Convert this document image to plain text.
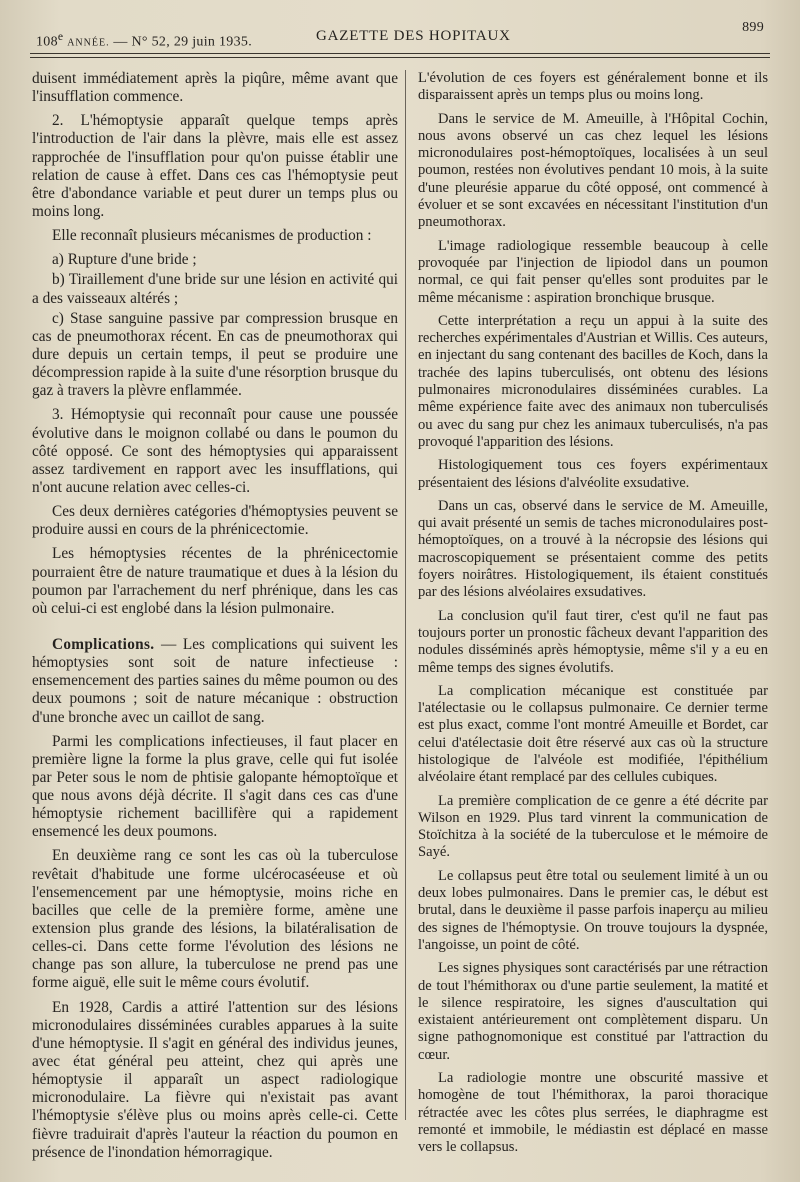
108e ANNÉE. — N° 52, 29 juin 1935.	GAZETTE DES HOPITAUX
899

duisent immédiatement après la piqûre, même avant que l'insufflation commence.

2. L'hémoptysie apparaît quelque temps après l'introduction de l'air dans la plèvre, mais elle est assez rapprochée de l'insufflation pour qu'on puisse établir une relation de cause à effet. Dans ces cas l'hémoptysie peut être d'abondance variable et peut durer un temps plus ou moins long.

Elle reconnaît plusieurs mécanismes de production :

a) Rupture d'une bride ;

b) Tiraillement d'une bride sur une lésion en activité qui a des vaisseaux altérés ;

c) Stase sanguine passive par compression brusque en cas de pneumothorax récent. En cas de pneumothorax qui dure depuis un certain temps, il peut se produire une décompression rapide à la suite d'une résorption brusque du gaz à travers la plèvre enflammée.

3. Hémoptysie qui reconnaît pour cause une poussée évolutive dans le moignon collabé ou dans le poumon du côté opposé. Ce sont des hémoptysies qui apparaissent assez tardivement en rapport avec les insufflations, qui n'ont aucune relation avec celles-ci.

Ces deux dernières catégories d'hémoptysies peuvent se produire aussi en cours de la phrénicectomie.

Les hémoptysies récentes de la phrénicectomie pourraient être de nature traumatique et dues à la lésion du poumon par l'arrachement du nerf phrénique, dans les cas où celui-ci est englobé dans la lésion pulmonaire.

Complications. — Les complications qui suivent les hémoptysies sont soit de nature infectieuse : ensemencement des parties saines du même poumon ou des deux poumons ; soit de nature mécanique : obstruction d'une bronche avec un caillot de sang.

Parmi les complications infectieuses, il faut placer en première ligne la forme la plus grave, celle qui fut isolée par Peter sous le nom de phtisie galopante hémoptoïque et que nous avons déjà décrite. Il s'agit dans ces cas d'une hémoptysie richement bacillifère qui a rapidement ensemencé les deux poumons.

En deuxième rang ce sont les cas où la tuberculose revêtait d'habitude une forme ulcérocaséeuse et où l'ensemencement par une hémoptysie, moins riche en bacilles que celle de la première forme, amène une extension plus grande des lésions, la bilatéralisation de celles-ci. Dans cette forme l'évolution des lésions ne change pas son allure, la tuberculose ne prend pas une forme aiguë, elle suit le même cours évolutif.

En 1928, Cardis a attiré l'attention sur des lésions micronodulaires disséminées curables apparues à la suite d'une hémoptysie. Il s'agit en général des individus jeunes, avec état général peu atteint, chez qui après une hémoptysie il apparaît un aspect radiologique micronodulaire. La fièvre qui n'existait pas avant l'hémoptysie s'élève plus ou moins après celle-ci. Cette fièvre traduirait d'après l'auteur la réaction du poumon en présence de l'inondation hémorragique.

L'évolution de ces foyers est généralement bonne et ils disparaissent après un temps plus ou moins long.

Dans le service de M. Ameuille, à l'Hôpital Cochin, nous avons observé un cas chez lequel les lésions micronodulaires post-hémoptoïques, localisées à un seul poumon, restées non évolutives pendant 10 mois, à la suite d'une pleurésie apparue du côté opposé, ont commencé à évoluer et se sont excavées en nécessitant l'institution d'un pneumothorax.

L'image radiologique ressemble beaucoup à celle provoquée par l'injection de lipiodol dans un poumon normal, ce qui fait penser qu'elles sont produites par le même mécanisme : aspiration bronchique brusque.

Cette interprétation a reçu un appui à la suite des recherches expérimentales d'Austrian et Willis. Ces auteurs, en injectant du sang contenant des bacilles de Koch, dans la trachée des lapins tuberculisés, ont obtenu des lésions pulmonaires micronodulaires disséminées curables. La même expérience faite avec des animaux non tuberculisés ou avec du sang pur chez les animaux tuberculisés, n'a pas provoqué l'apparition des lésions.

Histologiquement tous ces foyers expérimentaux présentaient des lésions d'alvéolite exsudative.

Dans un cas, observé dans le service de M. Ameuille, qui avait présenté un semis de taches micronodulaires post-hémoptoïques, on a trouvé à la nécropsie des lésions qui macroscopiquement se présentaient comme des petits foyers noirâtres. Histologiquement, ils étaient constitués par des lésions alvéolaires exsudatives.

La conclusion qu'il faut tirer, c'est qu'il ne faut pas toujours porter un pronostic fâcheux devant l'apparition des nodules disséminés après hémoptysie, même s'il y a eu en même temps des signes évolutifs.

La complication mécanique est constituée par l'atélectasie ou le collapsus pulmonaire. Ce dernier terme est plus exact, comme l'ont montré Ameuille et Bordet, car celui d'atélectasie doit être réservé aux cas où la structure histologique de l'alvéole est modifiée, l'épithélium alvéolaire étant remplacé par des cellules cubiques.

La première complication de ce genre a été décrite par Wilson en 1929. Plus tard vinrent la communication de Stoïchitza à la société de la tuberculose et le mémoire de Sayé.

Le collapsus peut être total ou seulement limité à un ou deux lobes pulmonaires. Dans le premier cas, le début est brutal, dans le deuxième il passe parfois inaperçu au milieu des signes de l'hémoptysie. On trouve toujours la dyspnée, l'angoisse, un point de côté.

Les signes physiques sont caractérisés par une rétraction de tout l'hémithorax ou d'une partie seulement, la matité et le silence respiratoire, les signes d'auscultation qui existaient antérieurement ont complètement disparu. Un signe pathognomonique est constitué par l'attraction du cœur.

La radiologie montre une obscurité massive et homogène de tout l'hémithorax, la paroi thoracique rétractée avec les côtes plus serrées, le diaphragme est remonté et immobile, le médiastin est déplacé en masse vers le collapsus.
